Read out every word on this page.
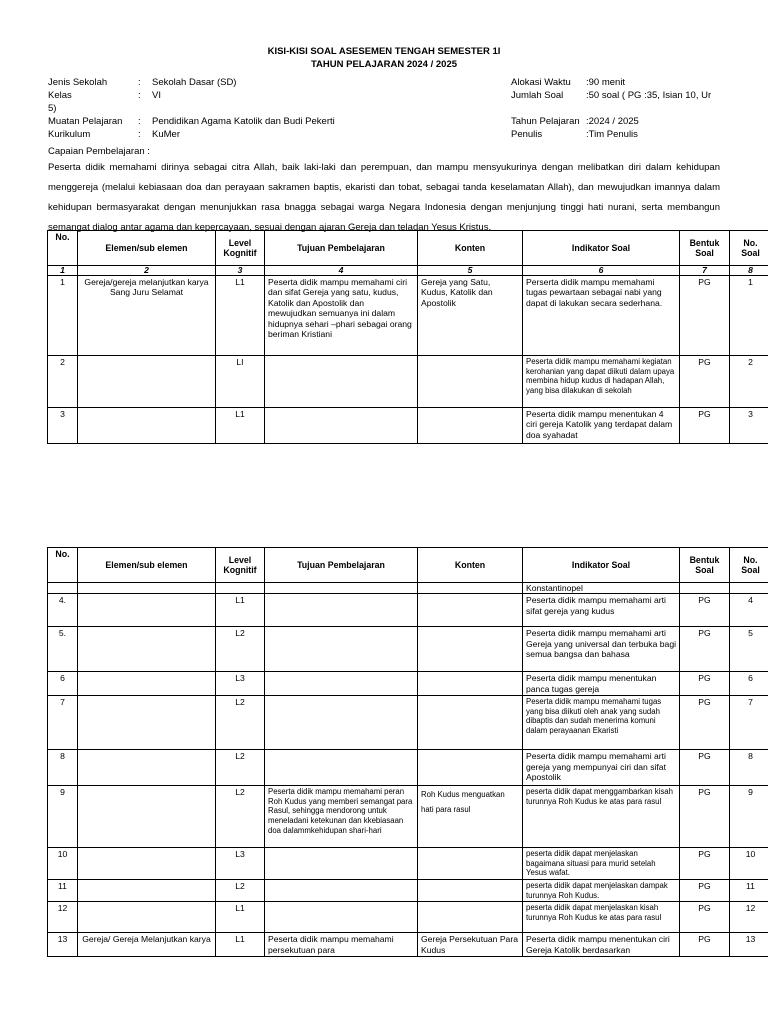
KISI-KISI SOAL ASESEMEN TENGAH SEMESTER 1I
TAHUN PELAJARAN 2024 / 2025
Jenis Sekolah	: Sekolah Dasar (SD)
Kelas	: VI
5)
Muatan Pelajaran : Pendidikan Agama Katolik dan Budi Pekerti
Kurikulum	: KuMer
Alokasi Waktu :90 menit
Jumlah Soal :50 soal ( PG :35, Isian 10, Ur
Tahun Pelajaran :2024 / 2025
Penulis	:Tim Penulis
Capaian Pembelajaran :
Peserta didik memahami dirinya sebagai citra Allah, baik laki-laki dan perempuan, dan mampu mensyukurinya dengan melibatkan diri dalam kehidupan menggereja (melalui kebiasaan doa dan perayaan sakramen baptis, ekaristi dan tobat, sebagai tanda keselamatan Allah), dan mewujudkan imannya dalam kehidupan bermasyarakat dengan menunjukkan rasa bnagga sebagai warga Negara Indonesia dengan menjunjung tinggi hati nurani, serta membangun semangat dialog antar agama dan kepercayaan, sesuai dengan ajaran Gereja dan teladan Yesus Kristus.
No.	Elemen/sub elemen	Level Kognitif	Tujuan Pembelajaran	Konten	Indikator Soal	Bentuk Soal	No. Soal
1	2	3	4	5	6	7	8
1	Gereja/gereja melanjutkan karya Sang Juru Selamat	L1	Peserta didik mampu memahami ciri dan sifat Gereja yang satu, kudus, Katolik dan Apostolik dan mewujudkan semuanya ini dalam hidupnya sehari –phari sebagai orang beriman Kristiani	Gereja yang Satu, Kudus, Katolik dan Apostolik	Perserta didik mampu memahami tugas pewartaan sebagai nabi yang dapat di lakukan secara sederhana.	PG	1
2		LI			Peserta didik mampu memahami kegiatan kerohanian yang dapat diikuti dalam upaya membina hidup kudus di hadapan Allah, yang bisa dilakukan di sekolah	PG	2
3		L1			Peserta didik mampu menentukan 4 ciri gereja Katolik yang terdapat dalam doa syahadat	PG	3
No.	Elemen/sub elemen	Level Kognitif	Tujuan Pembelajaran	Konten	Indikator Soal	Bentuk Soal	No. Soal
					Konstantinopel		
4.		L1			Peserta didik mampu memahami arti sifat gereja yang kudus	PG	4
5.		L2			Peserta didik mampu memahami arti Gereja yang universal dan terbuka bagi semua bangsa dan bahasa	PG	5
6		L3			Peserta didik mampu menentukan panca tugas gereja	PG	6
7		L2			Peserta didik mampu memahami tugas yang bisa diikuti oleh anak yang sudah dibaptis dan sudah menerima komuni dalam perayaanan Ekaristi	PG	7
8		L2			Peserta didik mampu memahami arti gereja yang mempunyai ciri dan sifat Apostolik	PG	8
9		L2	Peserta didik mampu memahami peran Roh Kudus yang memberi semangat para Rasul, sehingga mendorong untuk meneladani ketekunan dan kkebiasaan doa dalammkehidupan shari-hari	Roh Kudus menguatkan hati para rasul	peserta didik dapat menggambarkan kisah turunnya Roh Kudus ke atas para rasul	PG	9
10		L3			peserta didik dapat menjelaskan bagaimana situasi para murid setelah Yesus wafat.	PG	10
11		L2			peserta didik dapat menjelaskan dampak turunnya Roh Kudus.	PG	11
12		L1			peserta didik dapat menjelaskan kisah turunnya Roh Kudus ke atas para rasul	PG	12
13	Gereja/ Gereja Melanjutkan karya	L1	Peserta didik mampu memahami persekutuan para	Gereja Persekutuan Para Kudus	Peserta didik mampu menentukan ciri Gereja Katolik berdasarkan	PG	13
